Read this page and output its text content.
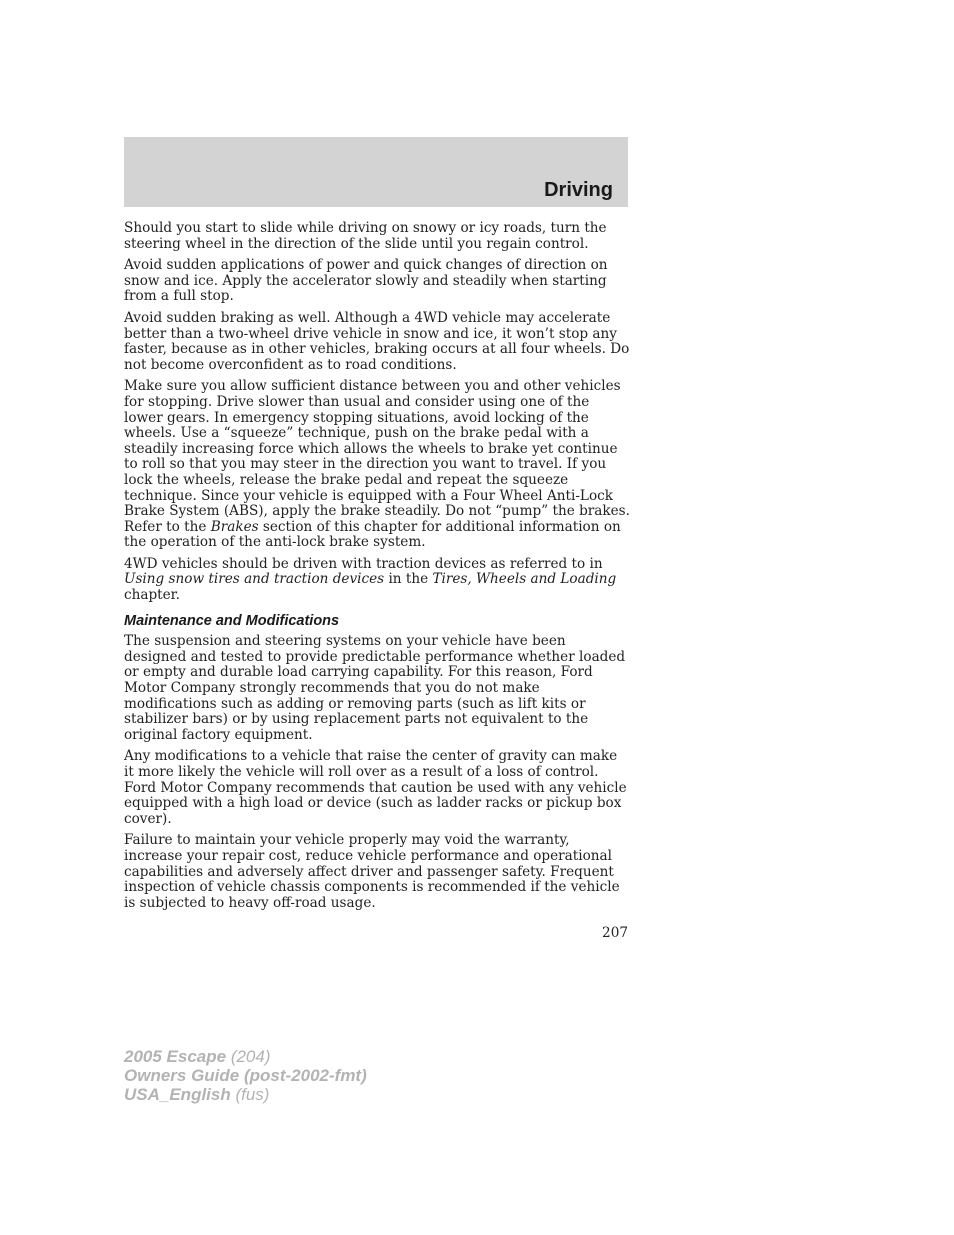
Driving

Should you start to slide while driving on snowy or icy roads, turn the steering wheel in the direction of the slide until you regain control.

Avoid sudden applications of power and quick changes of direction on snow and ice. Apply the accelerator slowly and steadily when starting from a full stop.

Avoid sudden braking as well. Although a 4WD vehicle may accelerate better than a two-wheel drive vehicle in snow and ice, it won’t stop any faster, because as in other vehicles, braking occurs at all four wheels. Do not become overconfident as to road conditions.

Make sure you allow sufficient distance between you and other vehicles for stopping. Drive slower than usual and consider using one of the lower gears. In emergency stopping situations, avoid locking of the wheels. Use a “squeeze” technique, push on the brake pedal with a steadily increasing force which allows the wheels to brake yet continue to roll so that you may steer in the direction you want to travel. If you lock the wheels, release the brake pedal and repeat the squeeze technique. Since your vehicle is equipped with a Four Wheel Anti-Lock Brake System (ABS), apply the brake steadily. Do not “pump” the brakes. Refer to the Brakes section of this chapter for additional information on the operation of the anti-lock brake system.

4WD vehicles should be driven with traction devices as referred to in Using snow tires and traction devices in the Tires, Wheels and Loading chapter.

Maintenance and Modifications

The suspension and steering systems on your vehicle have been designed and tested to provide predictable performance whether loaded or empty and durable load carrying capability. For this reason, Ford Motor Company strongly recommends that you do not make modifications such as adding or removing parts (such as lift kits or stabilizer bars) or by using replacement parts not equivalent to the original factory equipment.

Any modifications to a vehicle that raise the center of gravity can make it more likely the vehicle will roll over as a result of a loss of control. Ford Motor Company recommends that caution be used with any vehicle equipped with a high load or device (such as ladder racks or pickup box cover).

Failure to maintain your vehicle properly may void the warranty, increase your repair cost, reduce vehicle performance and operational capabilities and adversely affect driver and passenger safety. Frequent inspection of vehicle chassis components is recommended if the vehicle is subjected to heavy off-road usage.

207
2005 Escape (204)
Owners Guide (post-2002-fmt)
USA_English (fus)
